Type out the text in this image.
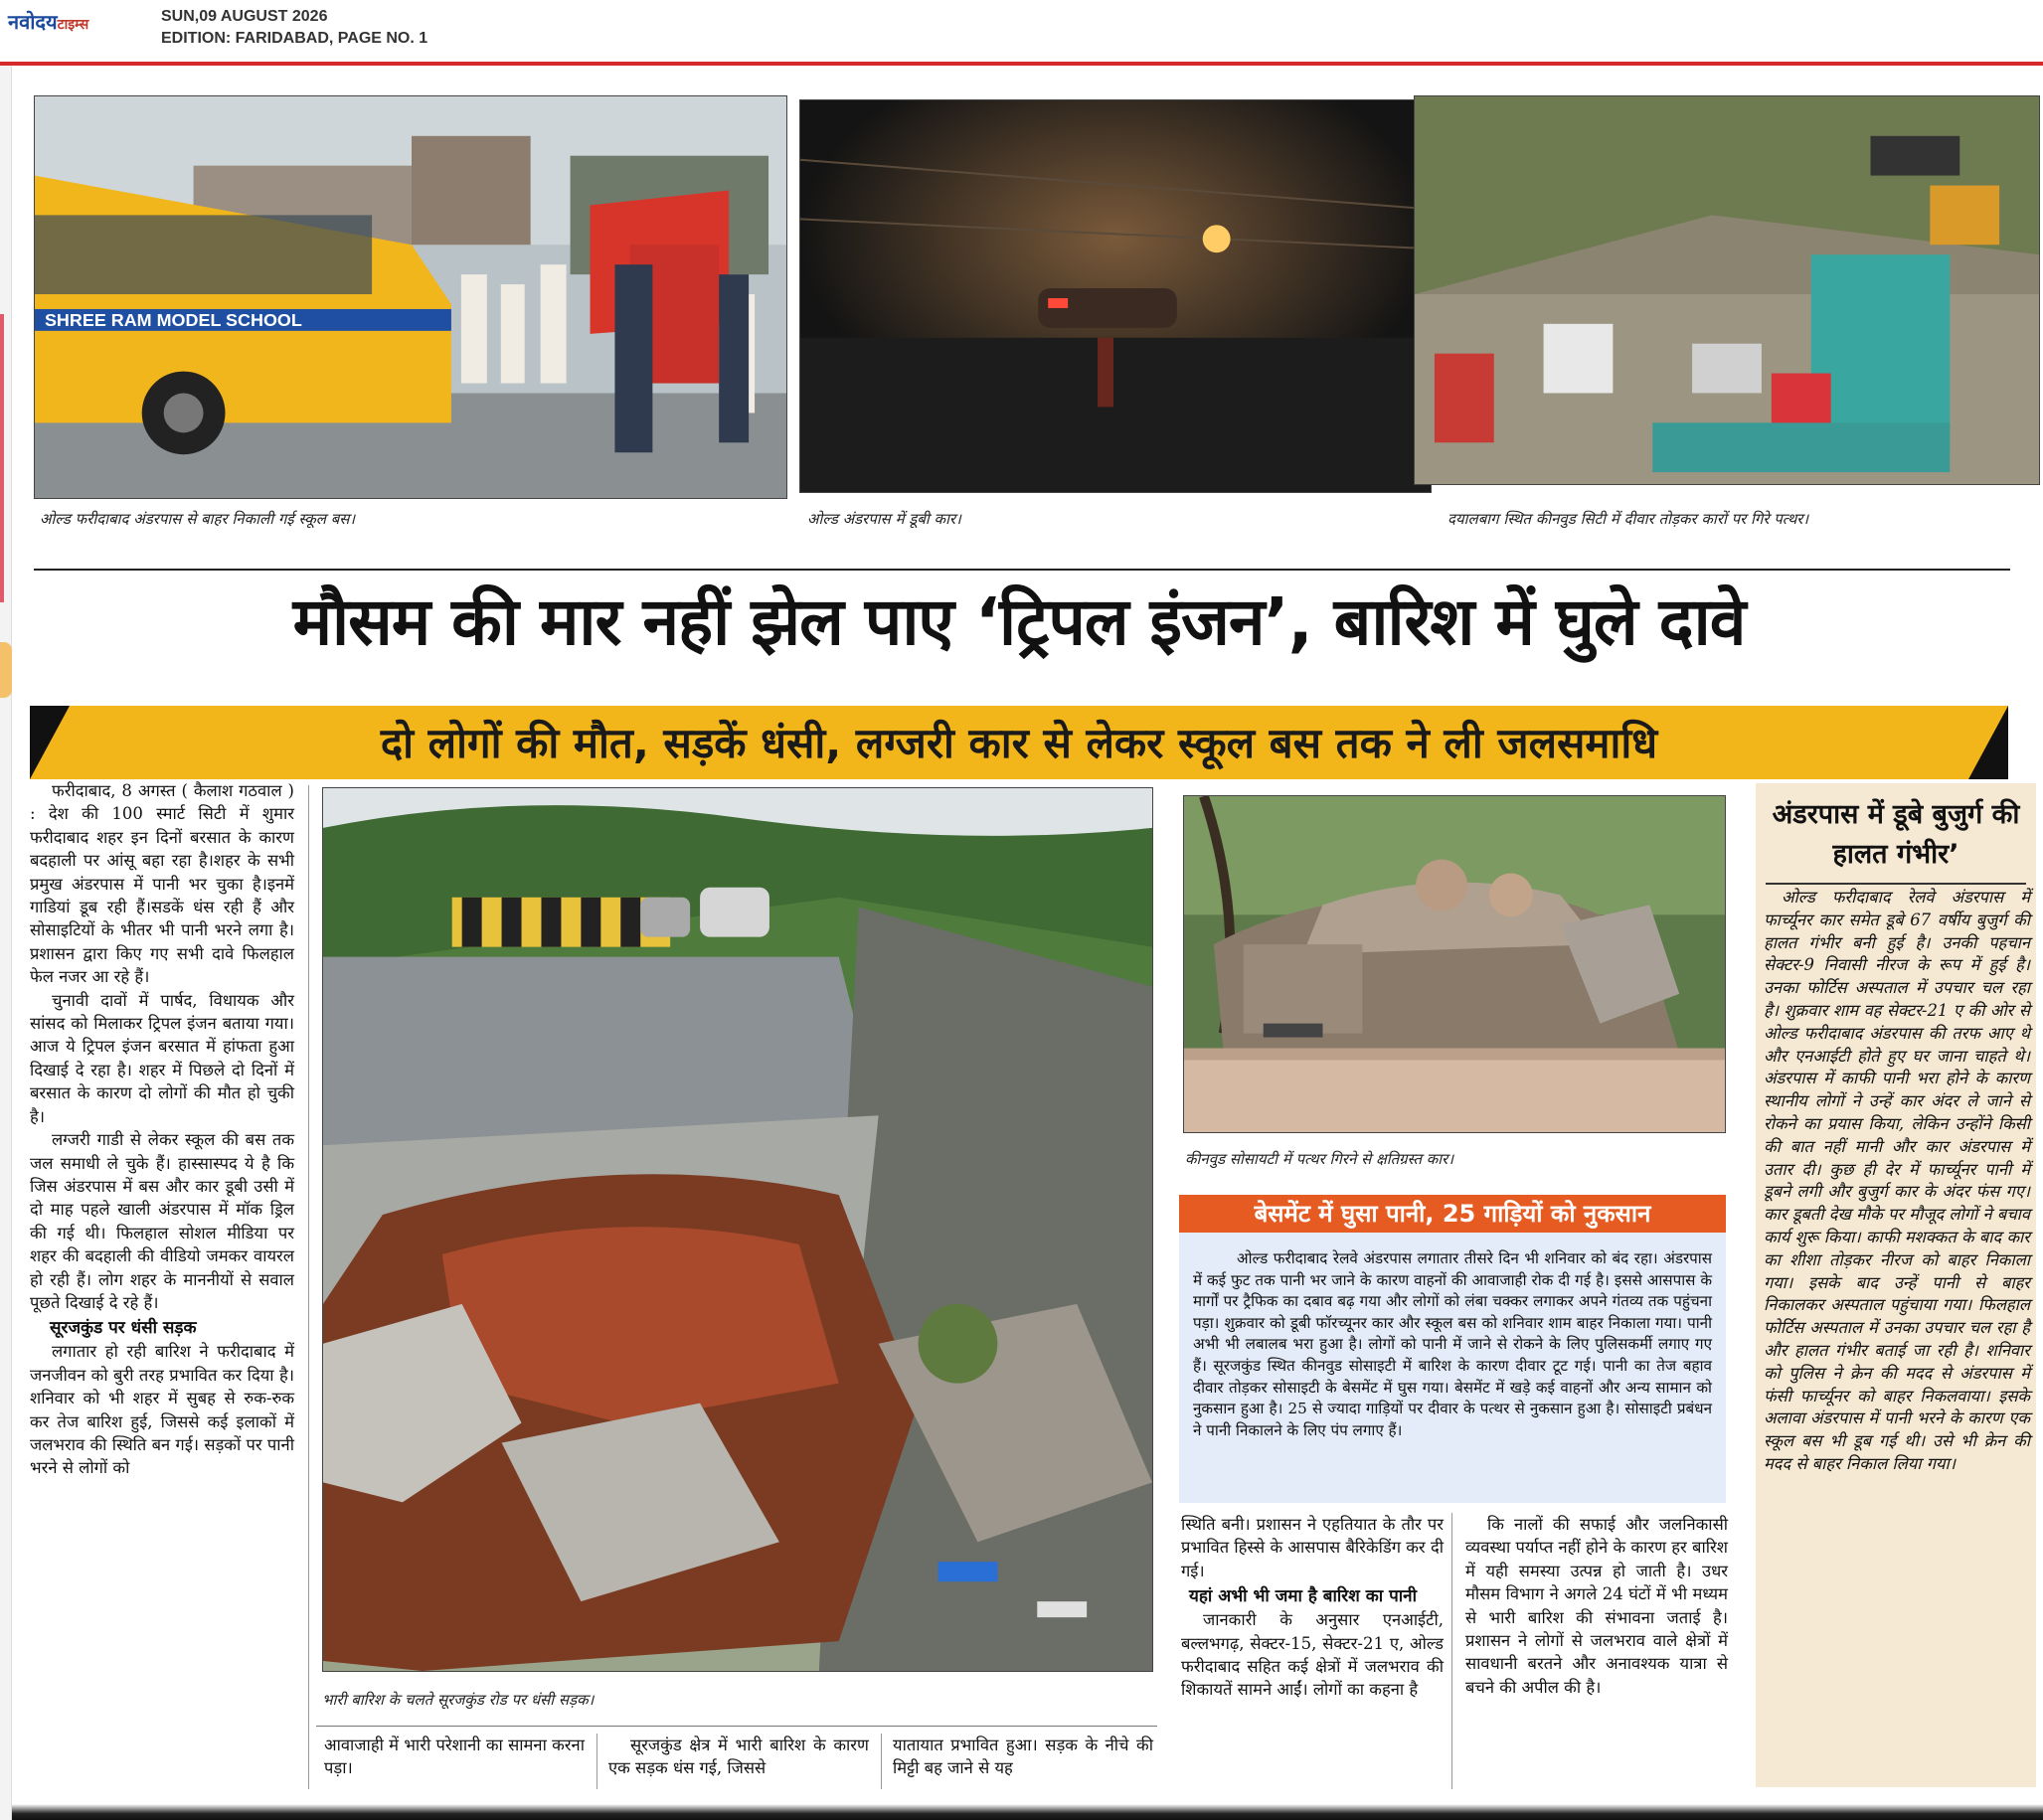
नवोदयटाइम्स	SUN,09 AUGUST 2026
EDITION: FARIDABAD, PAGE NO. 1
SHREE RAM MODEL SCHOOL
ओल्ड फरीदाबाद अंडरपास से बाहर निकाली गई स्कूल बस।	ओल्ड अंडरपास में डूबी कार।	दयालबाग स्थित कीनवुड सिटी में दीवार तोड़कर कारों पर गिरे पत्थर।
मौसम की मार नहीं झेल पाए ‘ट्रिपल इंजन’, बारिश में घुले दावे
दो लोगों की मौत, सड़कें धंसी, लग्जरी कार से लेकर स्कूल बस तक ने ली जलसमाधि

फरीदाबाद, 8 अगस्त ( कैलाश गठवाल ) : देश की 100 स्मार्ट सिटी में शुमार फरीदाबाद शहर इन दिनों बरसात के कारण बदहाली पर आंसू बहा रहा है।शहर के सभी प्रमुख अंडरपास में पानी भर चुका है।इनमें गाडियां डूब रही हैं।सडकें धंस रही हैं और सोसाइटियों के भीतर भी पानी भरने लगा है। प्रशासन द्वारा किए गए सभी दावे फिलहाल फेल नजर आ रहे हैं।

चुनावी दावों में पार्षद, विधायक और सांसद को मिलाकर ट्रिपल इंजन बताया गया। आज ये ट्रिपल इंजन बरसात में हांफता हुआ दिखाई दे रहा है। शहर में पिछले दो दिनों में बरसात के कारण दो लोगों की मौत हो चुकी है।

लग्जरी गाडी से लेकर स्कूल की बस तक जल समाधी ले चुके हैं। हास्सास्पद ये है कि जिस अंडरपास में बस और कार डूबी उसी में दो माह पहले खाली अंडरपास में मॉक ड्रिल की गई थी। फिलहाल सोशल मीडिया पर शहर की बदहाली की वीडियो जमकर वायरल हो रही हैं। लोग शहर के माननीयों से सवाल पूछते दिखाई दे रहे हैं।

सूरजकुंड पर धंसी सड़क

लगातार हो रही बारिश ने फरीदाबाद में जनजीवन को बुरी तरह प्रभावित कर दिया है। शनिवार को भी शहर में सुबह से रुक-रुक कर तेज बारिश हुई, जिससे कई इलाकों में जलभराव की स्थिति बन गई। सड़कों पर पानी भरने से लोगों को

भारी बारिश के चलते सूरजकुंड रोड पर धंसी सड़क।

आवाजाही में भारी परेशानी का सामना करना पड़ा।

सूरजकुंड क्षेत्र में भारी बारिश के कारण एक सड़क धंस गई, जिससे

यातायात प्रभावित हुआ। सड़क के नीचे की मिट्टी बह जाने से यह

कीनवुड सोसायटी में पत्थर गिरने से क्षतिग्रस्त कार।
बेसमेंट में घुसा पानी, 25 गाड़ियों को नुकसान

ओल्ड फरीदाबाद रेलवे अंडरपास लगातार तीसरे दिन भी शनिवार को बंद रहा। अंडरपास में कई फुट तक पानी भर जाने के कारण वाहनों की आवाजाही रोक दी गई है। इससे आसपास के मार्गों पर ट्रैफिक का दबाव बढ़ गया और लोगों को लंबा चक्कर लगाकर अपने गंतव्य तक पहुंचना पड़ा। शुक्रवार को डूबी फॉरच्यूनर कार और स्कूल बस को शनिवार शाम बाहर निकाला गया। पानी अभी भी लबालब भरा हुआ है। लोगों को पानी में जाने से रोकने के लिए पुलिसकर्मी लगाए गए हैं। सूरजकुंड स्थित कीनवुड सोसाइटी में बारिश के कारण दीवार टूट गई। पानी का तेज बहाव दीवार तोड़कर सोसाइटी के बेसमेंट में घुस गया। बेसमेंट में खड़े कई वाहनों और अन्य सामान को नुकसान हुआ है। 25 से ज्यादा गाड़ियों पर दीवार के पत्थर से नुकसान हुआ है। सोसाइटी प्रबंधन ने पानी निकालने के लिए पंप लगाए हैं।

स्थिति बनी। प्रशासन ने एहतियात के तौर पर प्रभावित हिस्से के आसपास बैरिकेडिंग कर दी गई।

यहां अभी भी जमा है बारिश का पानी

जानकारी के अनुसार एनआईटी, बल्लभगढ़, सेक्टर-15, सेक्टर-21 ए, ओल्ड फरीदाबाद सहित कई क्षेत्रों में जलभराव की शिकायतें सामने आईं। लोगों का कहना है

कि नालों की सफाई और जलनिकासी व्यवस्था पर्याप्त नहीं होने के कारण हर बारिश में यही समस्या उत्पन्न हो जाती है। उधर मौसम विभाग ने अगले 24 घंटों में भी मध्यम से भारी बारिश की संभावना जताई है। प्रशासन ने लोगों से जलभराव वाले क्षेत्रों में सावधानी बरतने और अनावश्यक यात्रा से बचने की अपील की है।

अंडरपास में डूबे बुजुर्ग की हालत गंभीर’

ओल्ड फरीदाबाद रेलवे अंडरपास में फार्च्यूनर कार समेत डूबे 67 वर्षीय बुजुर्ग की हालत गंभीर बनी हुई है। उनकी पहचान सेक्टर-9 निवासी नीरज के रूप में हुई है। उनका फोर्टिस अस्पताल में उपचार चल रहा है। शुक्रवार शाम वह सेक्टर-21 ए की ओर से ओल्ड फरीदाबाद अंडरपास की तरफ आए थे और एनआईटी होते हुए घर जाना चाहते थे। अंडरपास में काफी पानी भरा होने के कारण स्थानीय लोगों ने उन्हें कार अंदर ले जाने से रोकने का प्रयास किया, लेकिन उन्होंने किसी की बात नहीं मानी और कार अंडरपास में उतार दी। कुछ ही देर में फार्च्यूनर पानी में डूबने लगी और बुजुर्ग कार के अंदर फंस गए। कार डूबती देख मौके पर मौजूद लोगों ने बचाव कार्य शुरू किया। काफी मशक्कत के बाद कार का शीशा तोड़कर नीरज को बाहर निकाला गया। इसके बाद उन्हें पानी से बाहर निकालकर अस्पताल पहुंचाया गया। फिलहाल फोर्टिस अस्पताल में उनका उपचार चल रहा है और हालत गंभीर बताई जा रही है। शनिवार को पुलिस ने क्रेन की मदद से अंडरपास में फंसी फार्च्यूनर को बाहर निकलवाया। इसके अलावा अंडरपास में पानी भरने के कारण एक स्कूल बस भी डूब गई थी। उसे भी क्रेन की मदद से बाहर निकाल लिया गया।
